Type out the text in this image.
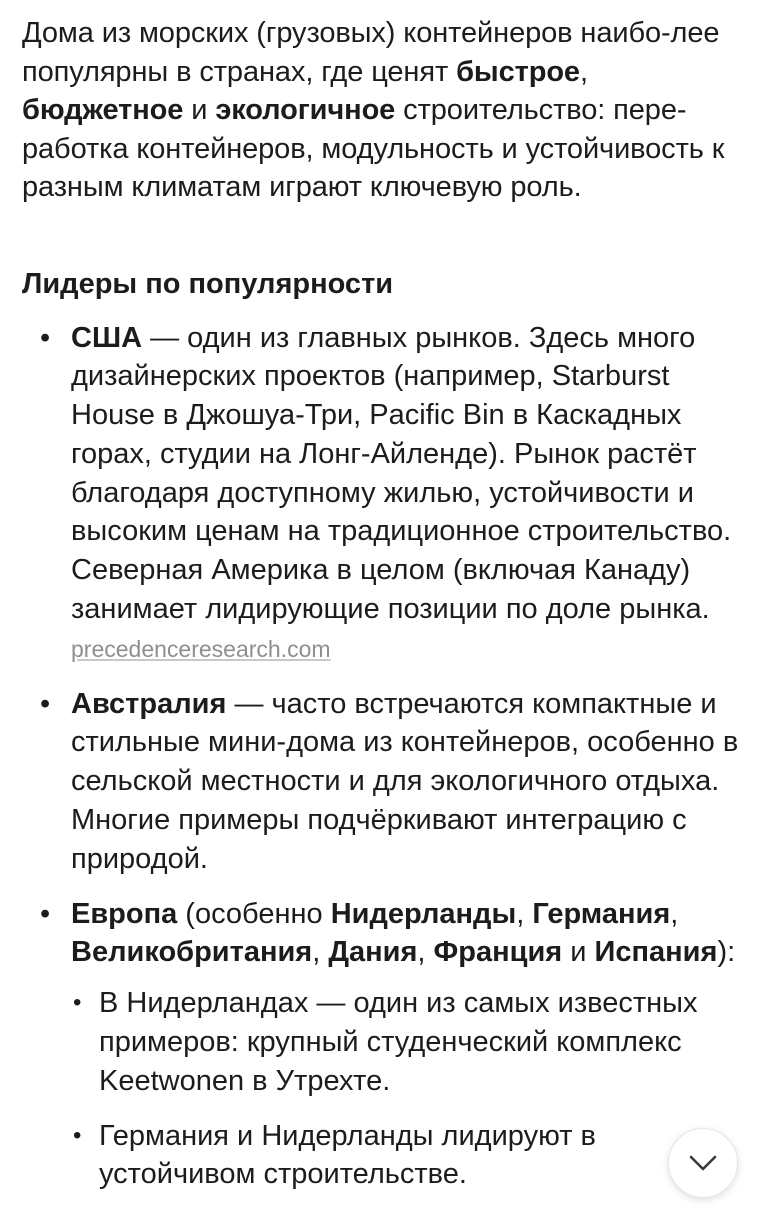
Дома из морских (грузовых) контейнеров наибо-лее популярны в странах, где ценят быстрое, бюджетное и экологичное строительство: пере-работка контейнеров, модульность и устойчивость к разным климатам играют ключевую роль.

Лидеры по популярности
• США — один из главных рынков. Здесь много дизайнерских проектов (например, Starburst House в Джошуа-Три, Pacific Bin в Каскадных горах, студии на Лонг-Айленде). Рынок растёт благодаря доступному жилью, устойчивости и высоким ценам на традиционное строительство. Северная Америка в целом (включая Канаду) занимает лидирующие позиции по доле рынка. precedenceresearch.com
• Австралия — часто встречаются компактные и стильные мини-дома из контейнеров, особенно в сельской местности и для экологичного отдыха. Многие примеры подчёркивают интеграцию с природой.
• Европа (особенно Нидерланды, Германия, Великобритания, Дания, Франция и Испания):
• В Нидерландах — один из самых известных примеров: крупный студенческий комплекс Keetwonen в Утрехте.
• Германия и Нидерланды лидируют в устойчивом строительстве.
